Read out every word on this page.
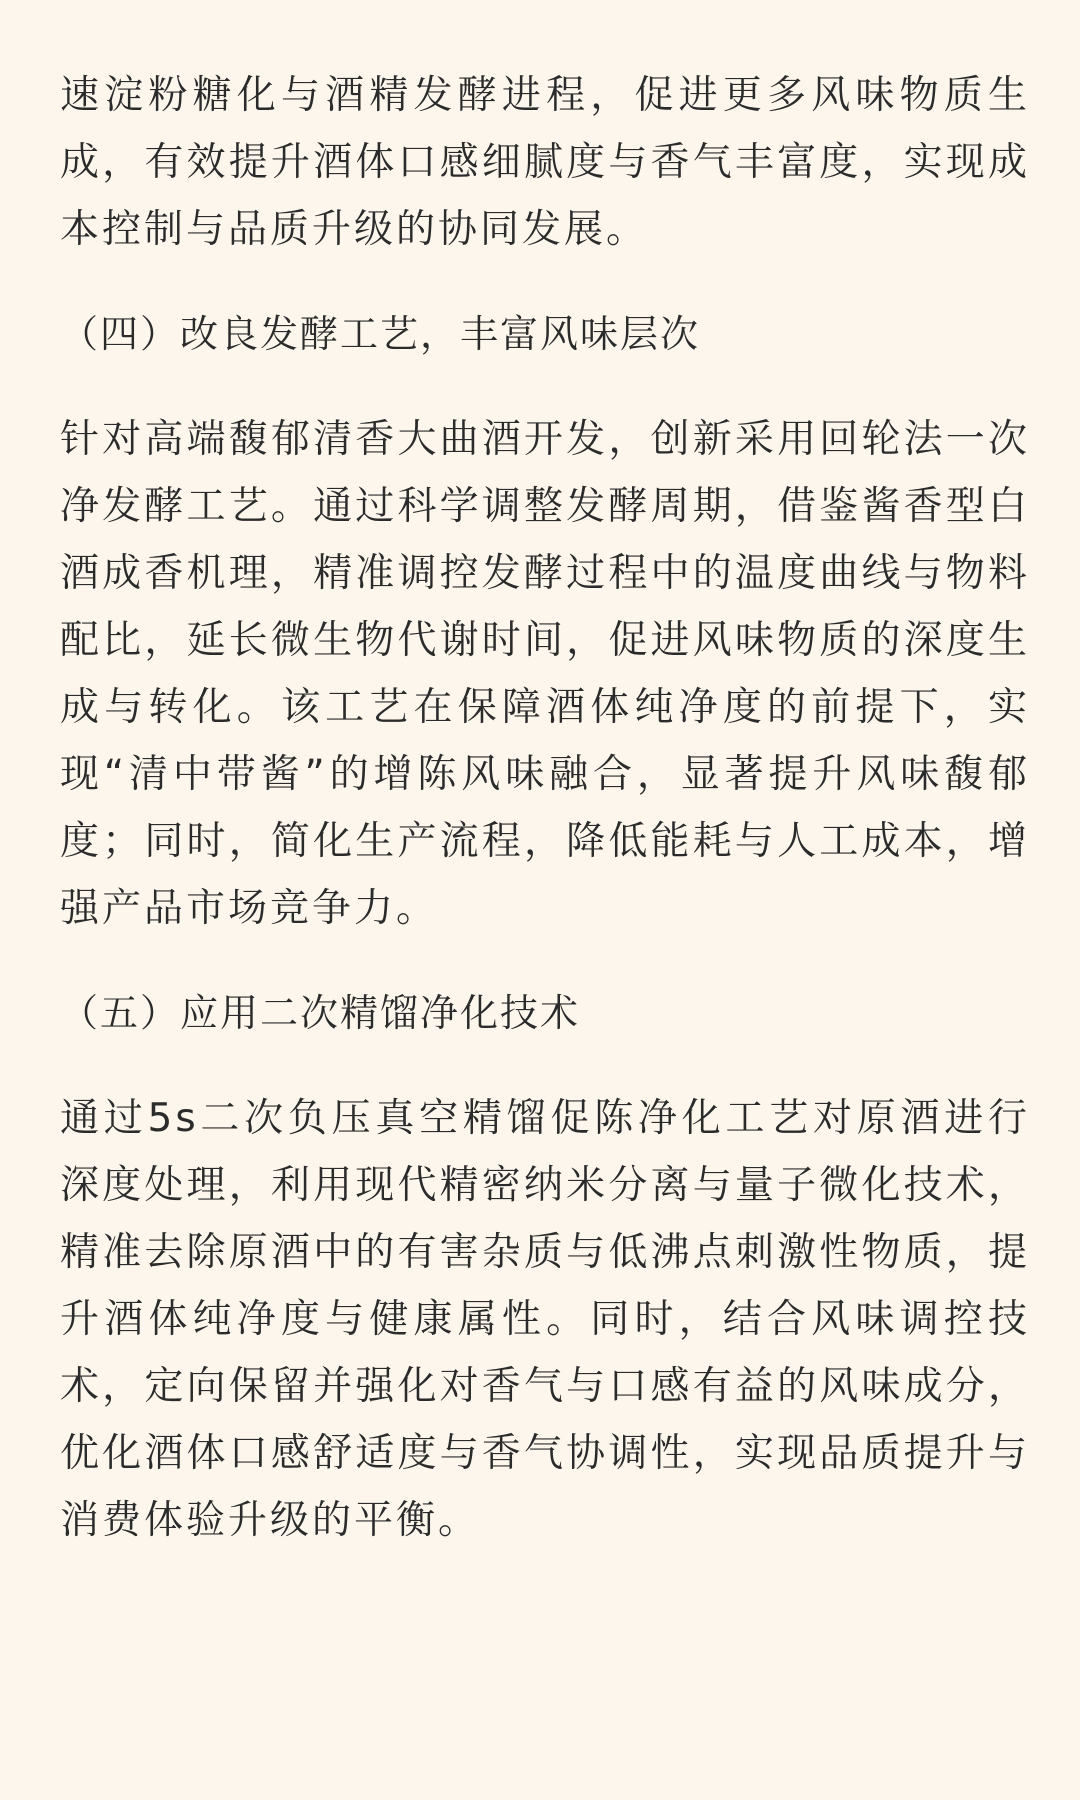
速淀粉糖化与酒精发酵进程，促进更多风味物质生成，有效提升酒体口感细腻度与香气丰富度，实现成本控制与品质升级的协同发展。

（四）改良发酵工艺，丰富风味层次

针对高端馥郁清香大曲酒开发，创新采用回轮法一次净发酵工艺。通过科学调整发酵周期，借鉴酱香型白酒成香机理，精准调控发酵过程中的温度曲线与物料配比，延长微生物代谢时间，促进风味物质的深度生成与转化。该工艺在保障酒体纯净度的前提下，实现“清中带酱”的增陈风味融合，显著提升风味馥郁度；同时，简化生产流程，降低能耗与人工成本，增强产品市场竞争力。

（五）应用二次精馏净化技术

通过5s二次负压真空精馏促陈净化工艺对原酒进行深度处理，利用现代精密纳米分离与量子微化技术，精准去除原酒中的有害杂质与低沸点刺激性物质，提升酒体纯净度与健康属性。同时，结合风味调控技术，定向保留并强化对香气与口感有益的风味成分，优化酒体口感舒适度与香气协调性，实现品质提升与消费体验升级的平衡。
